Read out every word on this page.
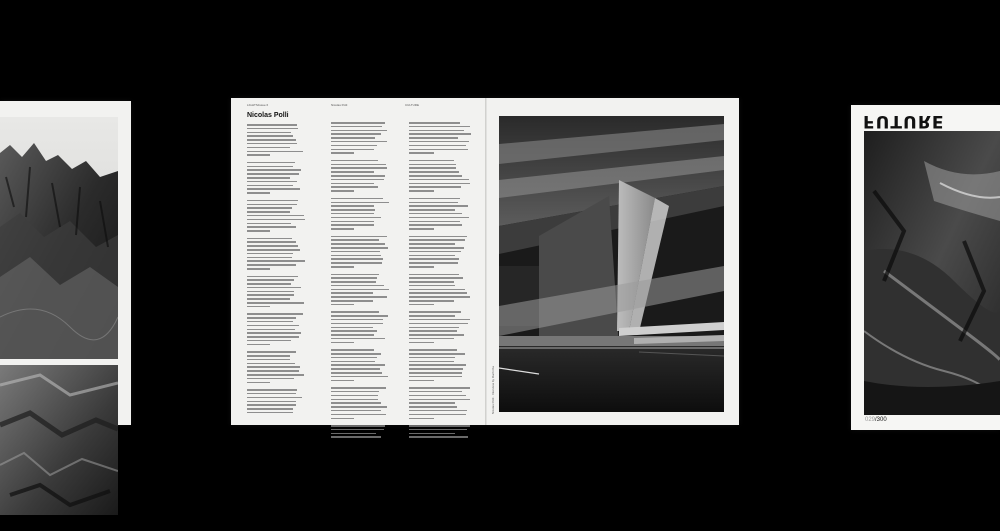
LIGHTS/issue 6	Nicolas Polli	CULTURE
Nicolas Polli
Nicolas Polli · Interview by Ruchi Ka
FUTURE
029/300
